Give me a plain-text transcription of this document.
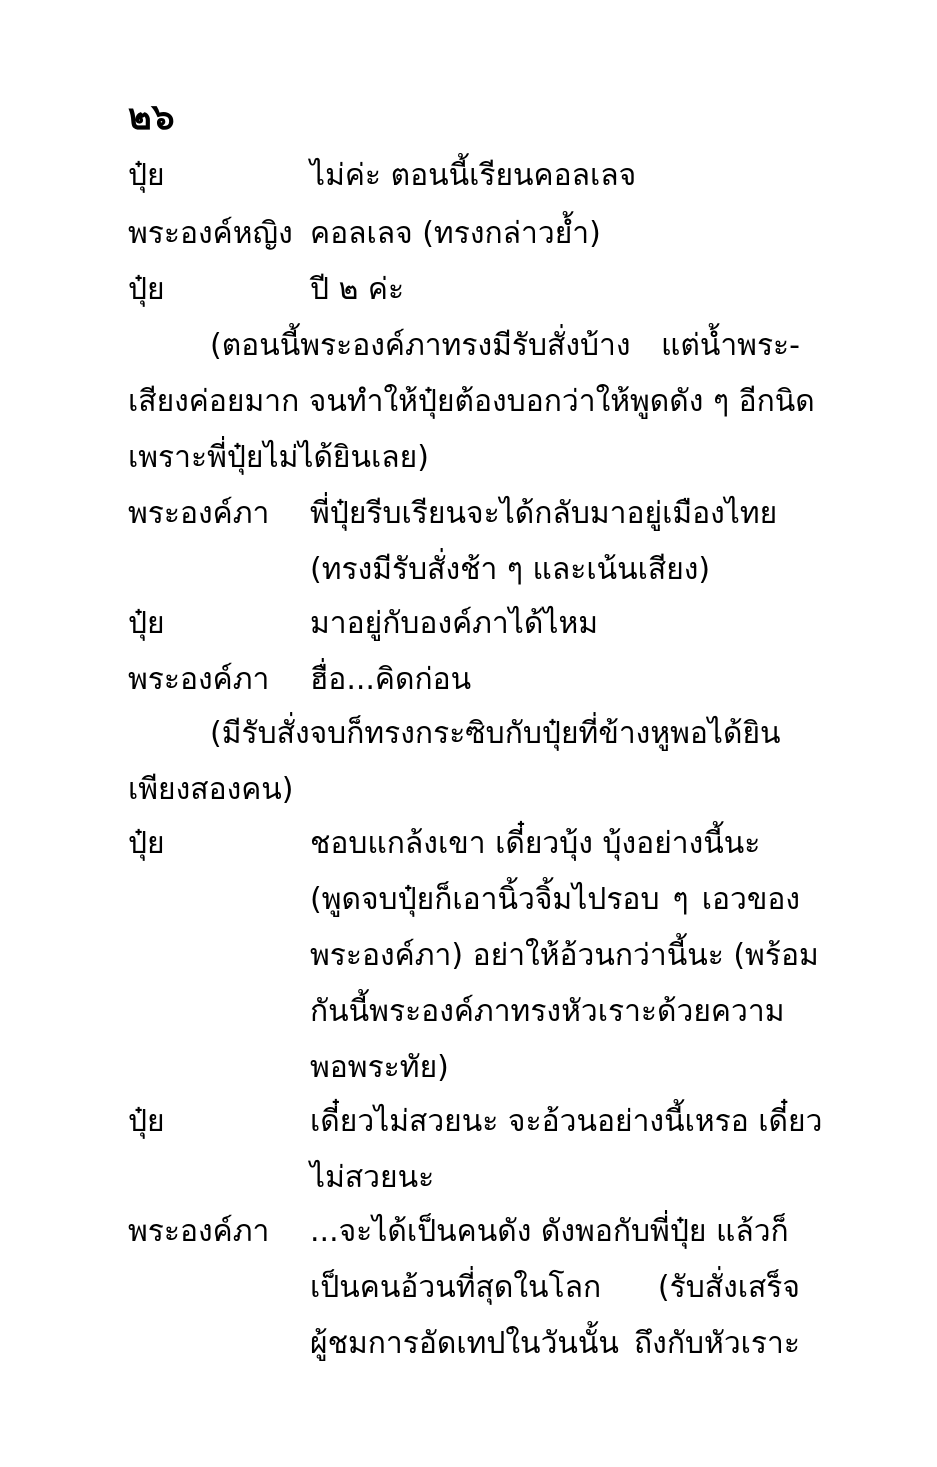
๒๖
ปุ๋ย	ไม่ค่ะ ตอนนี้เรียนคอลเลจ
พระองค์หญิง คอลเลจ (ทรงกล่าวย้ำ)
ปุ๋ย	ปี ๒ ค่ะ
(ตอนนี้พระองค์ภาทรงมีรับสั่งบ้าง แต่น้ำพระ-
เสียงค่อยมาก จนทำให้ปุ๋ยต้องบอกว่าให้พูดดัง ๆ อีกนิด
เพราะพี่ปุ๋ยไม่ได้ยินเลย)
พระองค์ภา พี่ปุ๋ยรีบเรียนจะได้กลับมาอยู่เมืองไทย
(ทรงมีรับสั่งช้า ๆ และเน้นเสียง)
ปุ๋ย	มาอยู่กับองค์ภาได้ไหม
พระองค์ภา ฮื่อ...คิดก่อน
(มีรับสั่งจบก็ทรงกระซิบกับปุ๋ยที่ข้างหูพอได้ยิน
เพียงสองคน)
ปุ๋ย	ชอบแกล้งเขา เดี๋ยวบุ้ง บุ้งอย่างนี้นะ
(พูดจบปุ๋ยก็เอานิ้วจิ้มไปรอบ ๆ เอวของ
พระองค์ภา) อย่าให้อ้วนกว่านี้นะ (พร้อม
กันนี้พระองค์ภาทรงหัวเราะด้วยความ
พอพระทัย)
ปุ๋ย	เดี๋ยวไม่สวยนะ จะอ้วนอย่างนี้เหรอ เดี๋ยว
ไม่สวยนะ
พระองค์ภา ...จะได้เป็นคนดัง ดังพอกับพี่ปุ๋ย แล้วก็
เป็นคนอ้วนที่สุดในโลก (รับสั่งเสร็จ
ผู้ชมการอัดเทปในวันนั้น ถึงกับหัวเราะ
